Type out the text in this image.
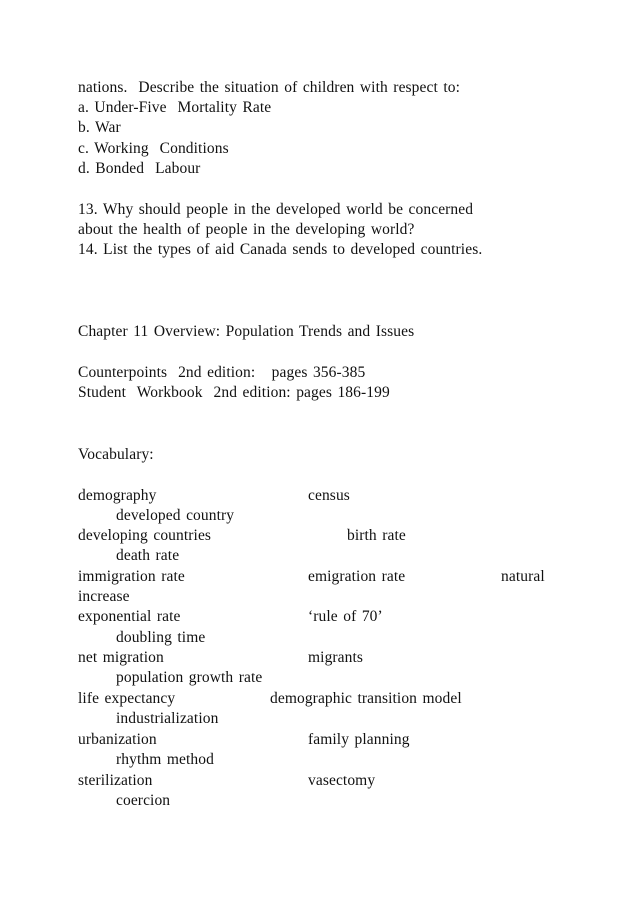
nations.  Describe the situation of children with respect to:
a. Under-Five  Mortality Rate
b. War
c. Working  Conditions
d. Bonded  Labour
13. Why should people in the developed world be concerned
about the health of people in the developing world?
14. List the types of aid Canada sends to developed countries.
Chapter 11 Overview: Population Trends and Issues
Counterpoints  2nd edition:   pages 356-385
Student  Workbook  2nd edition: pages 186-199
Vocabulary:
demography	census
developed country
developing countries	birth rate
death rate
immigration rate	emigration rate	natural
increase
exponential rate	‘rule of 70’
doubling time
net migration	migrants
population growth rate
life expectancy	demographic transition model
industrialization
urbanization	family planning
rhythm method
sterilization	vasectomy
coercion
